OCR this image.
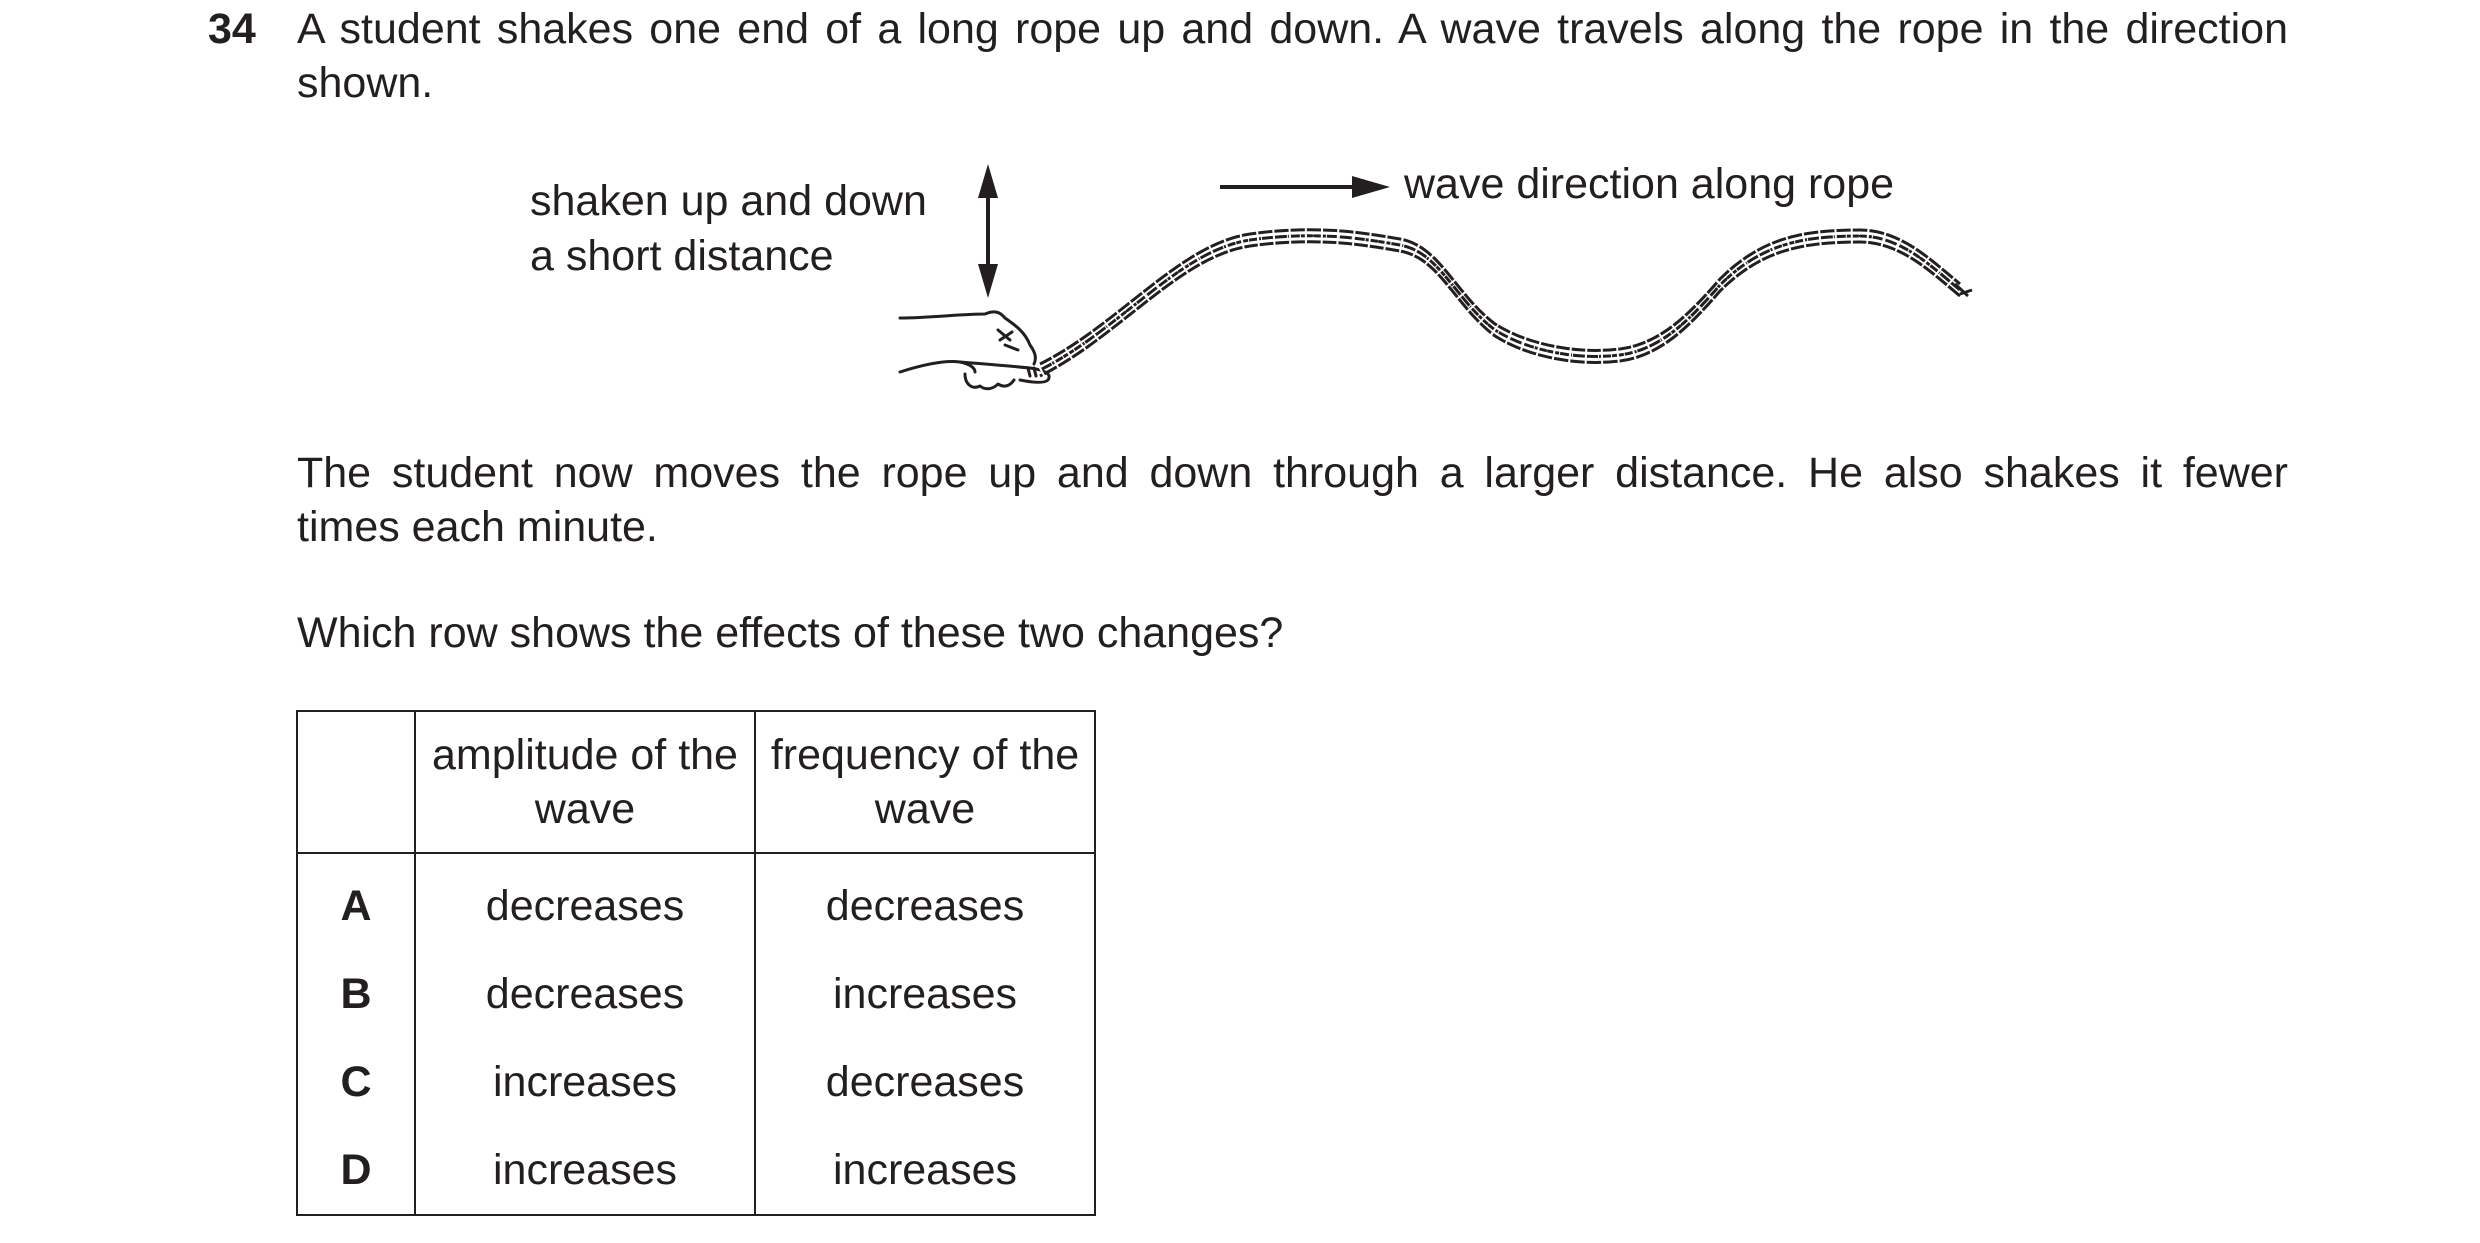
34 A student shakes one end of a long rope up and down. A wave travels along the rope in the direction shown.
shaken up and down
a short distance
wave direction along rope
The student now moves the rope up and down through a larger distance. He also shakes it fewer
times each minute.
Which row shows the effects of these two changes?
	amplitude of the wave	frequency of the wave
A	decreases	decreases
B	decreases	increases
C	increases	decreases
D	increases	increases
